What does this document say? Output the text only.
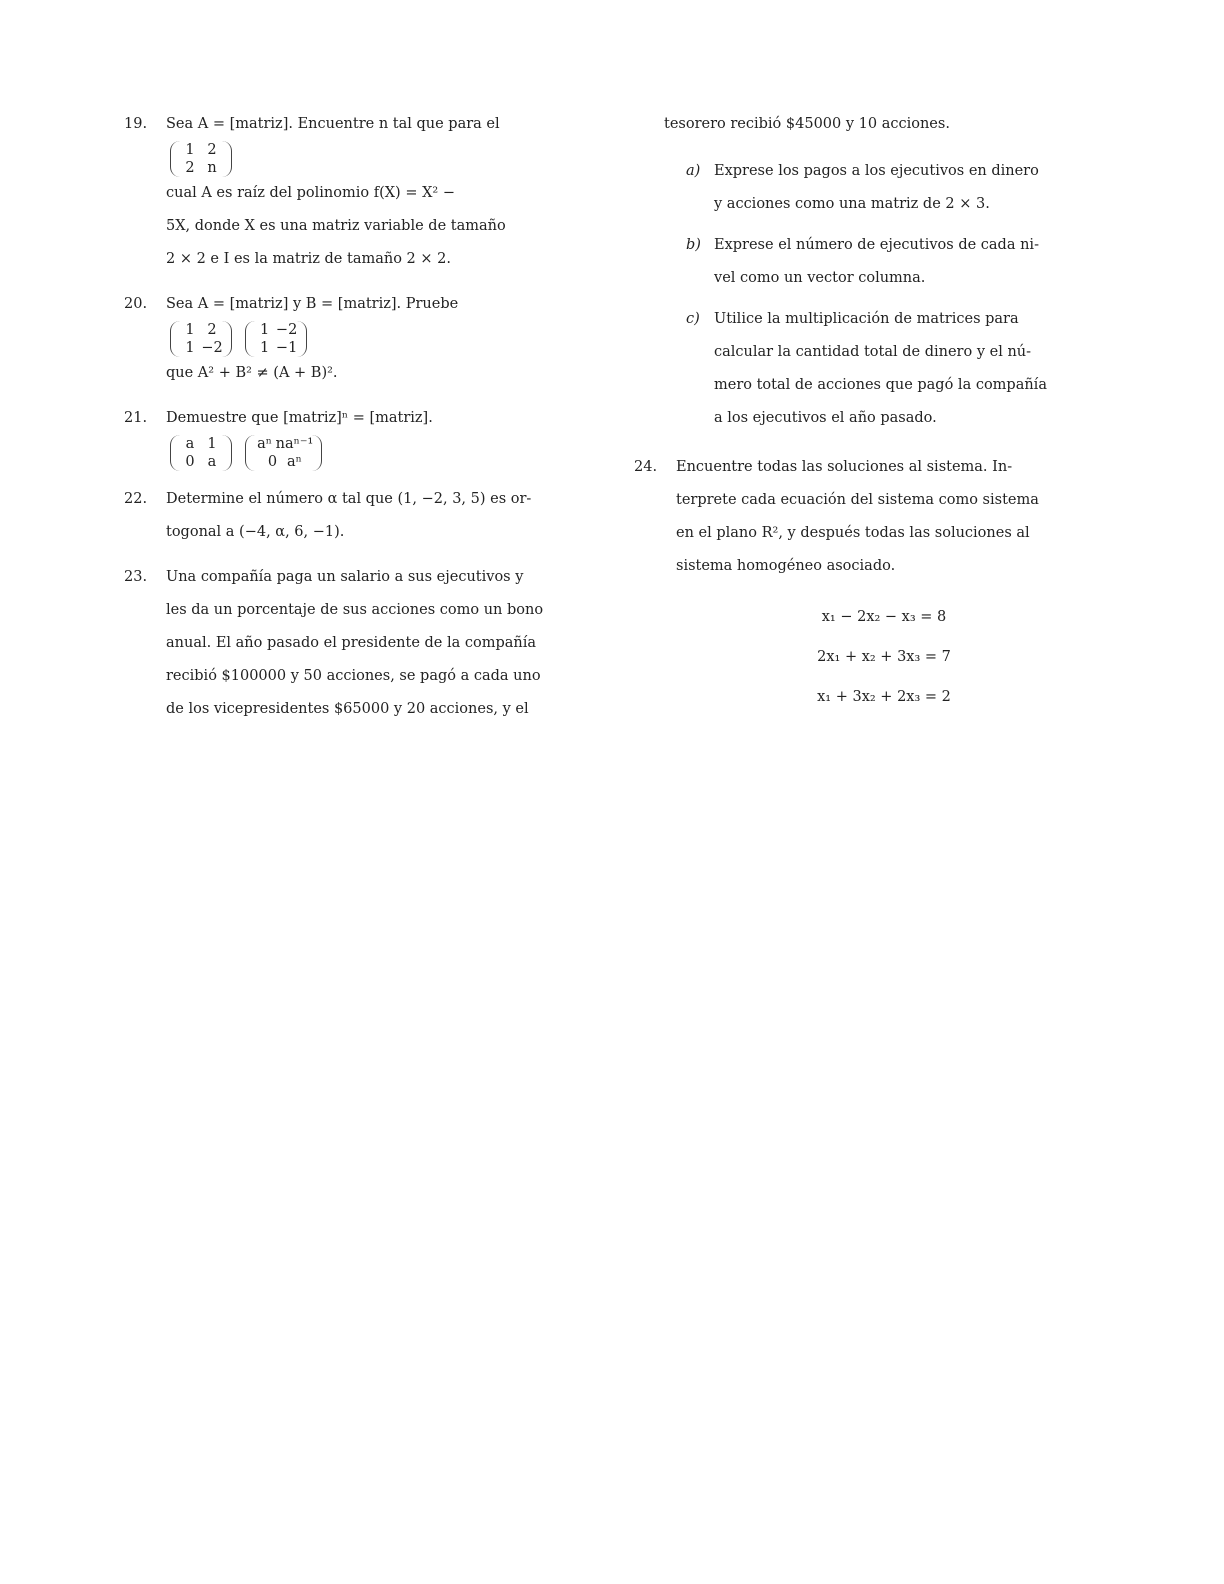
19.	Sea A = [matriz]. Encuentre n tal que para el
1 2
2 n
cual A es raíz del polinomio f(X) = X² −
5X, donde X es una matriz variable de tamaño
2 × 2 e I es la matriz de tamaño 2 × 2.
20.	Sea A = [matriz] y B = [matriz]. Pruebe
1 2
1 −2

1 −2
1 −1
que A² + B² ≠ (A + B)².
21.	Demuestre que [matriz]ⁿ = [matriz].
a 1
0 a

aⁿ naⁿ⁻¹
0 aⁿ
22.	Determine el número α tal que (1, −2, 3, 5) es or-
togonal a (−4, α, 6, −1).
23.	Una compañía paga un salario a sus ejecutivos y
les da un porcentaje de sus acciones como un bono
anual. El año pasado el presidente de la compañía
recibió $100000 y 50 acciones, se pagó a cada uno
de los vicepresidentes $65000 y 20 acciones, y el
tesorero recibió $45000 y 10 acciones.
a) Exprese los pagos a los ejecutivos en dinero
y acciones como una matriz de 2 × 3.
b) Exprese el número de ejecutivos de cada ni-
vel como un vector columna.
c) Utilice la multiplicación de matrices para
calcular la cantidad total de dinero y el nú-
mero total de acciones que pagó la compañía
a los ejecutivos el año pasado.
24.	Encuentre todas las soluciones al sistema. In-
terprete cada ecuación del sistema como sistema
en el plano R², y después todas las soluciones al
sistema homogéneo asociado.
x₁ − 2x₂ − x₃ = 8
2x₁ + x₂ + 3x₃ = 7
x₁ + 3x₂ + 2x₃ = 2
